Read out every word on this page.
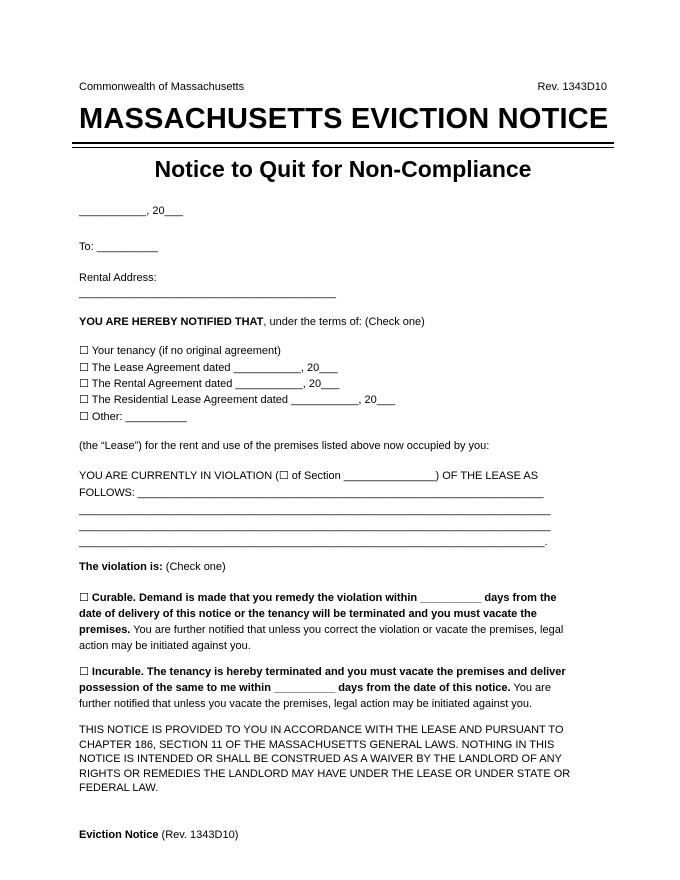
Commonwealth of Massachusetts	Rev. 1343D10
MASSACHUSETTS EVICTION NOTICE
Notice to Quit for Non-Compliance
___________, 20___
To: __________
Rental Address:
__________________________________________
YOU ARE HEREBY NOTIFIED THAT, under the terms of: (Check one)
☐ Your tenancy (if no original agreement)
☐ The Lease Agreement dated ___________, 20___
☐ The Rental Agreement dated ___________, 20___
☐ The Residential Lease Agreement dated ___________, 20___
☐ Other: __________
(the “Lease”) for the rent and use of the premises listed above now occupied by you:
YOU ARE CURRENTLY IN VIOLATION (☐ of Section _______________) OF THE LEASE AS
FOLLOWS: ____________________________________________________________________
_______________________________________________________________________________
_______________________________________________________________________________
______________________________________________________________________________.
The violation is: (Check one)
☐ Curable. Demand is made that you remedy the violation within __________ days from the date of delivery of this notice or the tenancy will be terminated and you must vacate the premises. You are further notified that unless you correct the violation or vacate the premises, legal action may be initiated against you.
☐ Incurable. The tenancy is hereby terminated and you must vacate the premises and deliver possession of the same to me within __________ days from the date of this notice. You are further notified that unless you vacate the premises, legal action may be initiated against you.
THIS NOTICE IS PROVIDED TO YOU IN ACCORDANCE WITH THE LEASE AND PURSUANT TO CHAPTER 186, SECTION 11 OF THE MASSACHUSETTS GENERAL LAWS. NOTHING IN THIS NOTICE IS INTENDED OR SHALL BE CONSTRUED AS A WAIVER BY THE LANDLORD OF ANY RIGHTS OR REMEDIES THE LANDLORD MAY HAVE UNDER THE LEASE OR UNDER STATE OR FEDERAL LAW.
Eviction Notice (Rev. 1343D10)
